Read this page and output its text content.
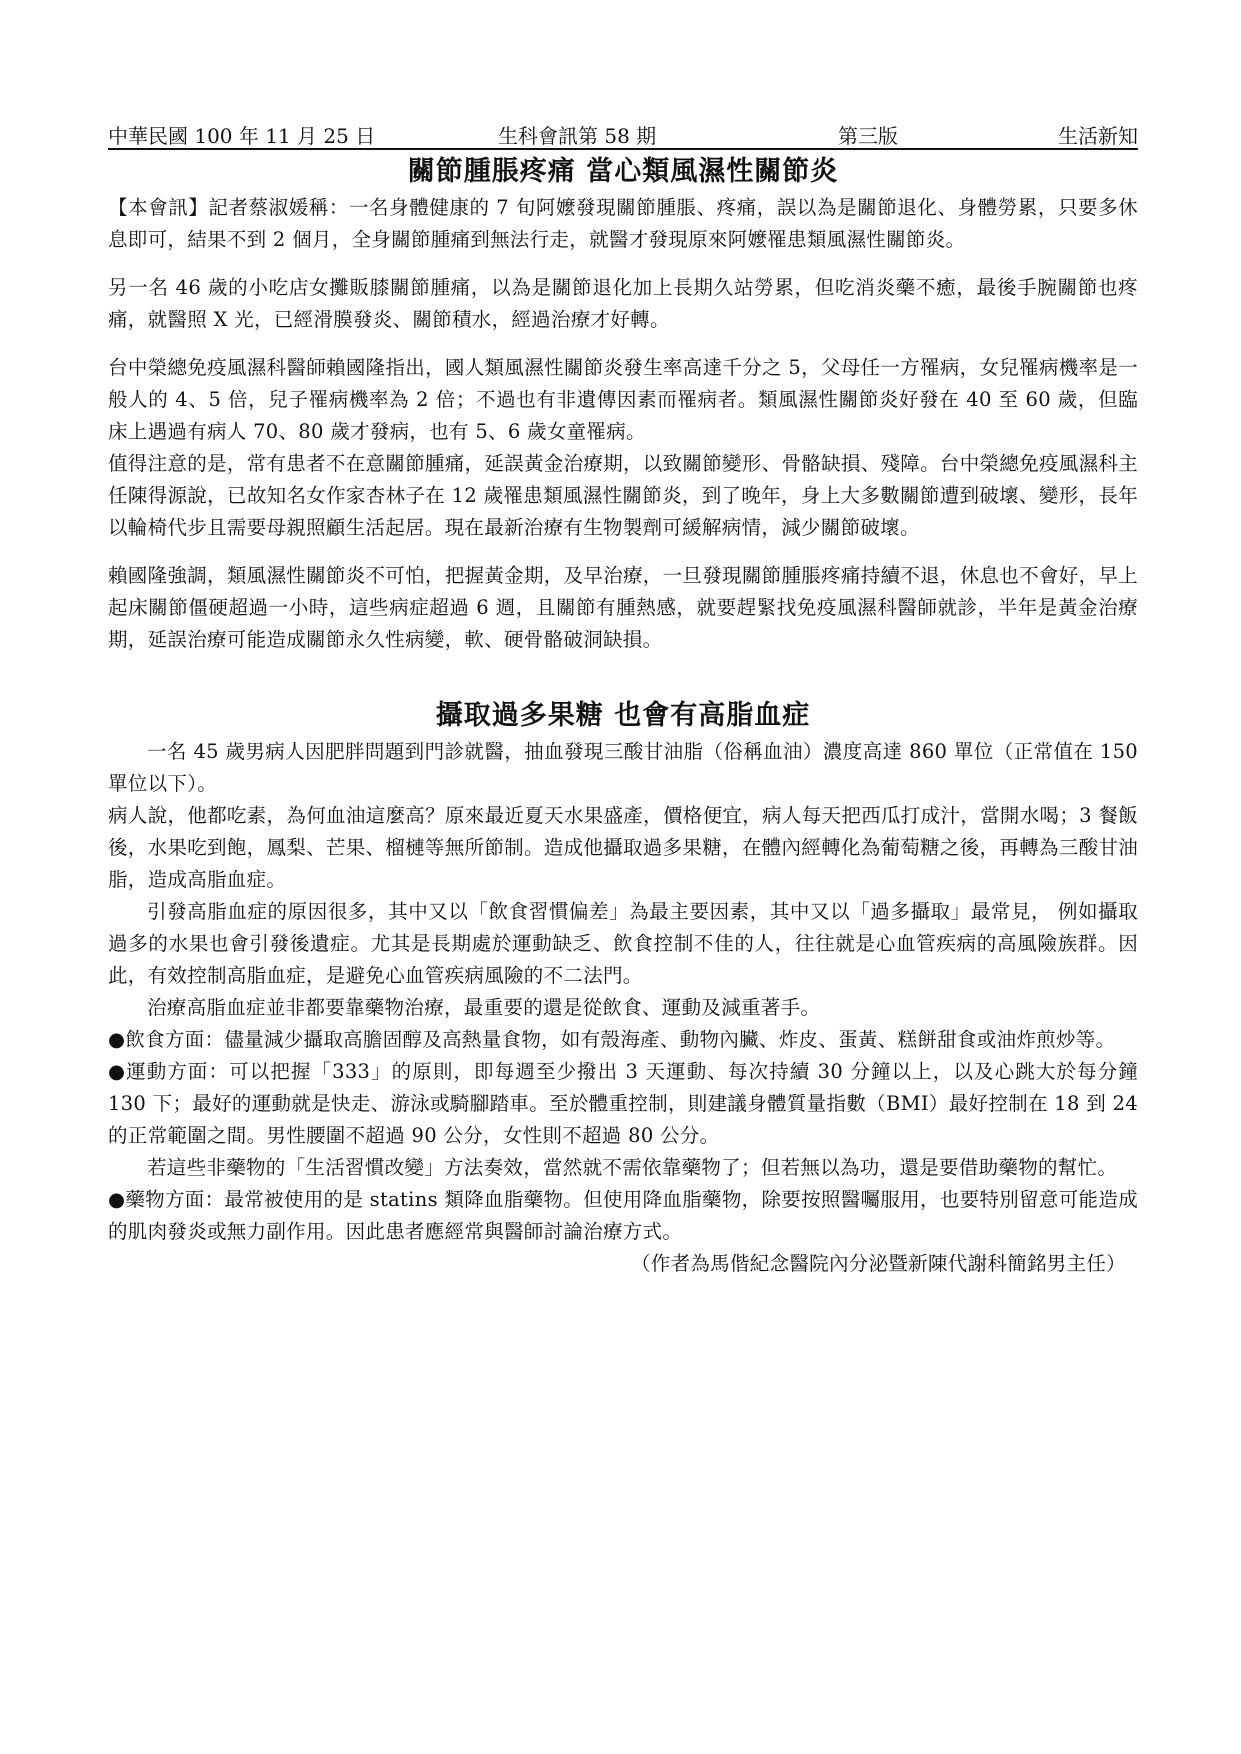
中華民國 100 年 11 月 25 日	生科會訊第 58 期	第三版	生活新知
關節腫脹疼痛 當心類風濕性關節炎

【本會訊】記者蔡淑媛稱：一名身體健康的 7 旬阿嬤發現關節腫脹、疼痛，誤以為是關節退化、身體勞累，只要多休息即可，結果不到 2 個月，全身關節腫痛到無法行走，就醫才發現原來阿嬤罹患類風濕性關節炎。

另一名 46 歲的小吃店女攤販膝關節腫痛，以為是關節退化加上長期久站勞累，但吃消炎藥不癒，最後手腕關節也疼痛，就醫照 X 光，已經滑膜發炎、關節積水，經過治療才好轉。

台中榮總免疫風濕科醫師賴國隆指出，國人類風濕性關節炎發生率高達千分之 5，父母任一方罹病，女兒罹病機率是一般人的 4、5 倍，兒子罹病機率為 2 倍；不過也有非遺傳因素而罹病者。類風濕性關節炎好發在 40 至 60 歲，但臨床上遇過有病人 70、80 歲才發病，也有 5、6 歲女童罹病。

值得注意的是，常有患者不在意關節腫痛，延誤黃金治療期，以致關節變形、骨骼缺損、殘障。台中榮總免疫風濕科主任陳得源說，已故知名女作家杏林子在 12 歲罹患類風濕性關節炎，到了晚年，身上大多數關節遭到破壞、變形，長年以輪椅代步且需要母親照顧生活起居。現在最新治療有生物製劑可緩解病情，減少關節破壞。

賴國隆強調，類風濕性關節炎不可怕，把握黃金期，及早治療，一旦發現關節腫脹疼痛持續不退，休息也不會好，早上起床關節僵硬超過一小時，這些病症超過 6 週，且關節有腫熱感，就要趕緊找免疫風濕科醫師就診，半年是黃金治療期，延誤治療可能造成關節永久性病變，軟、硬骨骼破洞缺損。

攝取過多果糖 也會有高脂血症

一名 45 歲男病人因肥胖問題到門診就醫，抽血發現三酸甘油脂（俗稱血油）濃度高達 860 單位（正常值在 150 單位以下）。

病人說，他都吃素，為何血油這麼高？原來最近夏天水果盛產，價格便宜，病人每天把西瓜打成汁，當開水喝；3 餐飯後，水果吃到飽，鳳梨、芒果、榴槤等無所節制。造成他攝取過多果糖，在體內經轉化為葡萄糖之後，再轉為三酸甘油脂，造成高脂血症。

引發高脂血症的原因很多，其中又以「飲食習慣偏差」為最主要因素，其中又以「過多攝取」最常見， 例如攝取過多的水果也會引發後遺症。尤其是長期處於運動缺乏、飲食控制不佳的人，往往就是心血管疾病的高風險族群。因此，有效控制高脂血症，是避免心血管疾病風險的不二法門。

治療高脂血症並非都要靠藥物治療，最重要的還是從飲食、運動及減重著手。

●飲食方面：儘量減少攝取高膽固醇及高熱量食物，如有殼海產、動物內臟、炸皮、蛋黃、糕餅甜食或油炸煎炒等。

●運動方面：可以把握「333」的原則，即每週至少撥出 3 天運動、每次持續 30 分鐘以上，以及心跳大於每分鐘 130 下；最好的運動就是快走、游泳或騎腳踏車。至於體重控制，則建議身體質量指數（BMI）最好控制在 18 到 24 的正常範圍之間。男性腰圍不超過 90 公分，女性則不超過 80 公分。

若這些非藥物的「生活習慣改變」方法奏效，當然就不需依靠藥物了；但若無以為功，還是要借助藥物的幫忙。

●藥物方面：最常被使用的是 statins 類降血脂藥物。但使用降血脂藥物，除要按照醫囑服用，也要特別留意可能造成的肌肉發炎或無力副作用。因此患者應經常與醫師討論治療方式。

（作者為馬偕紀念醫院內分泌暨新陳代謝科簡銘男主任）
